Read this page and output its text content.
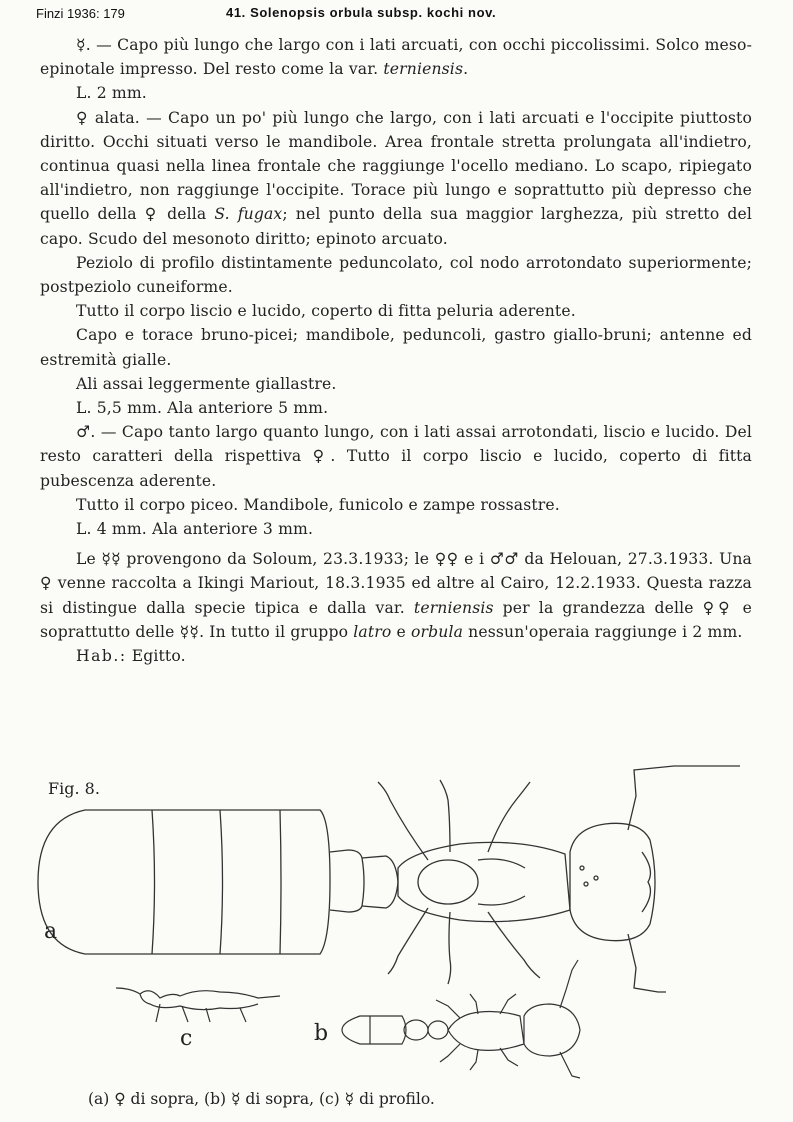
Finzi 1936: 179	41. Solenopsis orbula subsp. kochi nov.

☿. — Capo più lungo che largo con i lati arcuati, con occhi piccolissimi. Solco meso-epinotale impresso. Del resto come la var. terniensis.

L. 2 mm.

♀ alata. — Capo un po' più lungo che largo, con i lati arcuati e l'occipite piuttosto diritto. Occhi situati verso le mandibole. Area frontale stretta prolungata all'indietro, continua quasi nella linea frontale che raggiunge l'ocello mediano. Lo scapo, ripiegato all'indietro, non raggiunge l'occipite. Torace più lungo e soprattutto più depresso che quello della ♀ della S. fugax; nel punto della sua maggior larghezza, più stretto del capo. Scudo del mesonoto diritto; epinoto arcuato.

Peziolo di profilo distintamente peduncolato, col nodo arrotondato superiormente; postpeziolo cuneiforme.

Tutto il corpo liscio e lucido, coperto di fitta peluria aderente.

Capo e torace bruno-picei; mandibole, peduncoli, gastro giallo-bruni; antenne ed estremità gialle.

Ali assai leggermente giallastre.

L. 5,5 mm. Ala anteriore 5 mm.

♂. — Capo tanto largo quanto lungo, con i lati assai arrotondati, liscio e lucido. Del resto caratteri della rispettiva ♀. Tutto il corpo liscio e lucido, coperto di fitta pubescenza aderente.

Tutto il corpo piceo. Mandibole, funicolo e zampe rossastre.

L. 4 mm. Ala anteriore 3 mm.

Le ☿☿ provengono da Soloum, 23.3.1933; le ♀♀ e i ♂♂ da Helouan, 27.3.1933. Una ♀ venne raccolta a Ikingi Mariout, 18.3.1935 ed altre al Cairo, 12.2.1933. Questa razza si distingue dalla specie tipica e dalla var. terniensis per la grandezza delle ♀♀ e soprattutto delle ☿☿. In tutto il gruppo latro e orbula nessun'operaia raggiunge i 2 mm.

Hab.: Egitto.

Fig. 8.
a
c	b
(a) ♀ di sopra, (b) ☿ di sopra, (c) ☿ di profilo.
